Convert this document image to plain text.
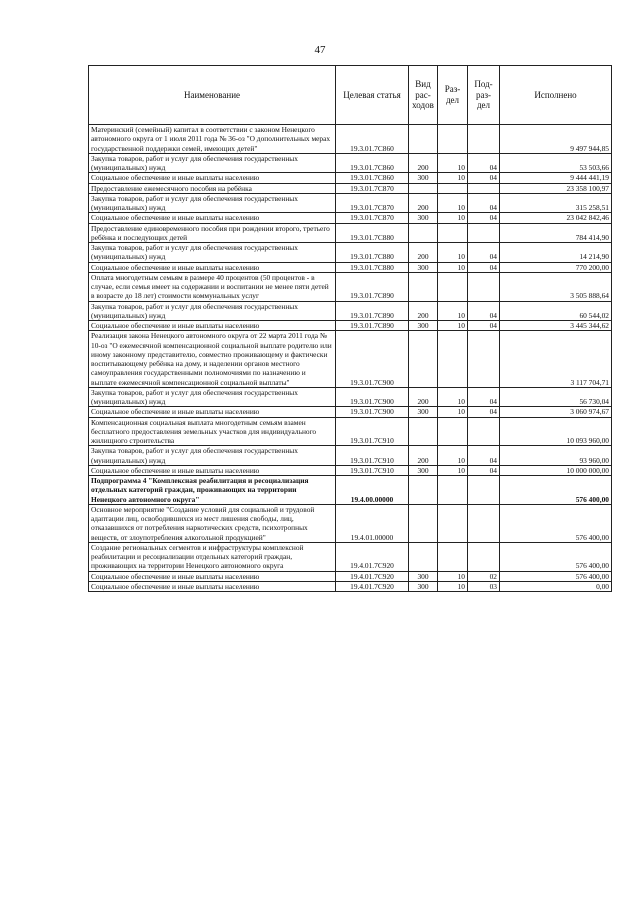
47
Наименование	Целевая статья	Вид рас- ходов	Раз- дел	Под- раз- дел	Исполнено
Материнский (семейный) капитал в соответствии с законом Ненецкого автономного округа от 1 июля 2011 года № 36-оз "О дополнительных мерах государственной поддержки семей, имеющих детей"	19.3.01.7С860				9 497 944,85
Закупка товаров, работ и услуг для обеспечения государственных (муниципальных) нужд	19.3.01.7С860	200	10	04	53 503,66
Социальное обеспечение и иные выплаты населению	19.3.01.7С860	300	10	04	9 444 441,19
Предоставление ежемесячного пособия на ребёнка	19.3.01.7С870				23 358 100,97
Закупка товаров, работ и услуг для обеспечения государственных (муниципальных) нужд	19.3.01.7С870	200	10	04	315 258,51
Социальное обеспечение и иные выплаты населению	19.3.01.7С870	300	10	04	23 042 842,46
Предоставление единовременного пособия при рождении второго, третьего ребёнка и последующих детей	19.3.01.7С880				784 414,90
Закупка товаров, работ и услуг для обеспечения государственных (муниципальных) нужд	19.3.01.7С880	200	10	04	14 214,90
Социальное обеспечение и иные выплаты населению	19.3.01.7С880	300	10	04	770 200,00
Оплата многодетным семьям в размере 40 процентов (50 процентов - в случае, если семья имеет на содержании и воспитании не менее пяти детей в возрасте до 18 лет) стоимости коммунальных услуг	19.3.01.7С890				3 505 888,64
Закупка товаров, работ и услуг для обеспечения государственных (муниципальных) нужд	19.3.01.7С890	200	10	04	60 544,02
Социальное обеспечение и иные выплаты населению	19.3.01.7С890	300	10	04	3 445 344,62
Реализация закона Ненецкого автономного округа от 22 марта 2011 года № 10-оз "О ежемесячной компенсационной социальной выплате родителю или иному законному представителю, совместно проживающему и фактически воспитывающему ребёнка на дому, и наделении органов местного самоуправления государственными полномочиями по назначению и выплате ежемесячной компенсационной социальной выплаты"	19.3.01.7С900				3 117 704,71
Закупка товаров, работ и услуг для обеспечения государственных (муниципальных) нужд	19.3.01.7С900	200	10	04	56 730,04
Социальное обеспечение и иные выплаты населению	19.3.01.7С900	300	10	04	3 060 974,67
Компенсационная социальная выплата многодетным семьям взамен бесплатного предоставления земельных участков для индивидуального жилищного строительства	19.3.01.7С910				10 093 960,00
Закупка товаров, работ и услуг для обеспечения государственных (муниципальных) нужд	19.3.01.7С910	200	10	04	93 960,00
Социальное обеспечение и иные выплаты населению	19.3.01.7С910	300	10	04	10 000 000,00
Подпрограмма 4 "Комплексная реабилитация и ресоциализация отдельных категорий граждан, проживающих на территории Ненецкого автономного округа"	19.4.00.00000				576 400,00
Основное мероприятие "Создание условий для социальной и трудовой адаптации лиц, освободившихся из мест лишения свободы, лиц, отказавшихся от потребления наркотических средств, психотропных веществ, от злоупотребления алкогольной продукцией"	19.4.01.00000				576 400,00
Создание региональных сегментов и инфраструктуры комплексной реабилитации и ресоциализации отдельных категорий граждан, проживающих на территории Ненецкого автономного округа	19.4.01.7С920				576 400,00
Социальное обеспечение и иные выплаты населению	19.4.01.7С920	300	10	02	576 400,00
Социальное обеспечение и иные выплаты населению	19.4.01.7С920	300	10	03	0,00
